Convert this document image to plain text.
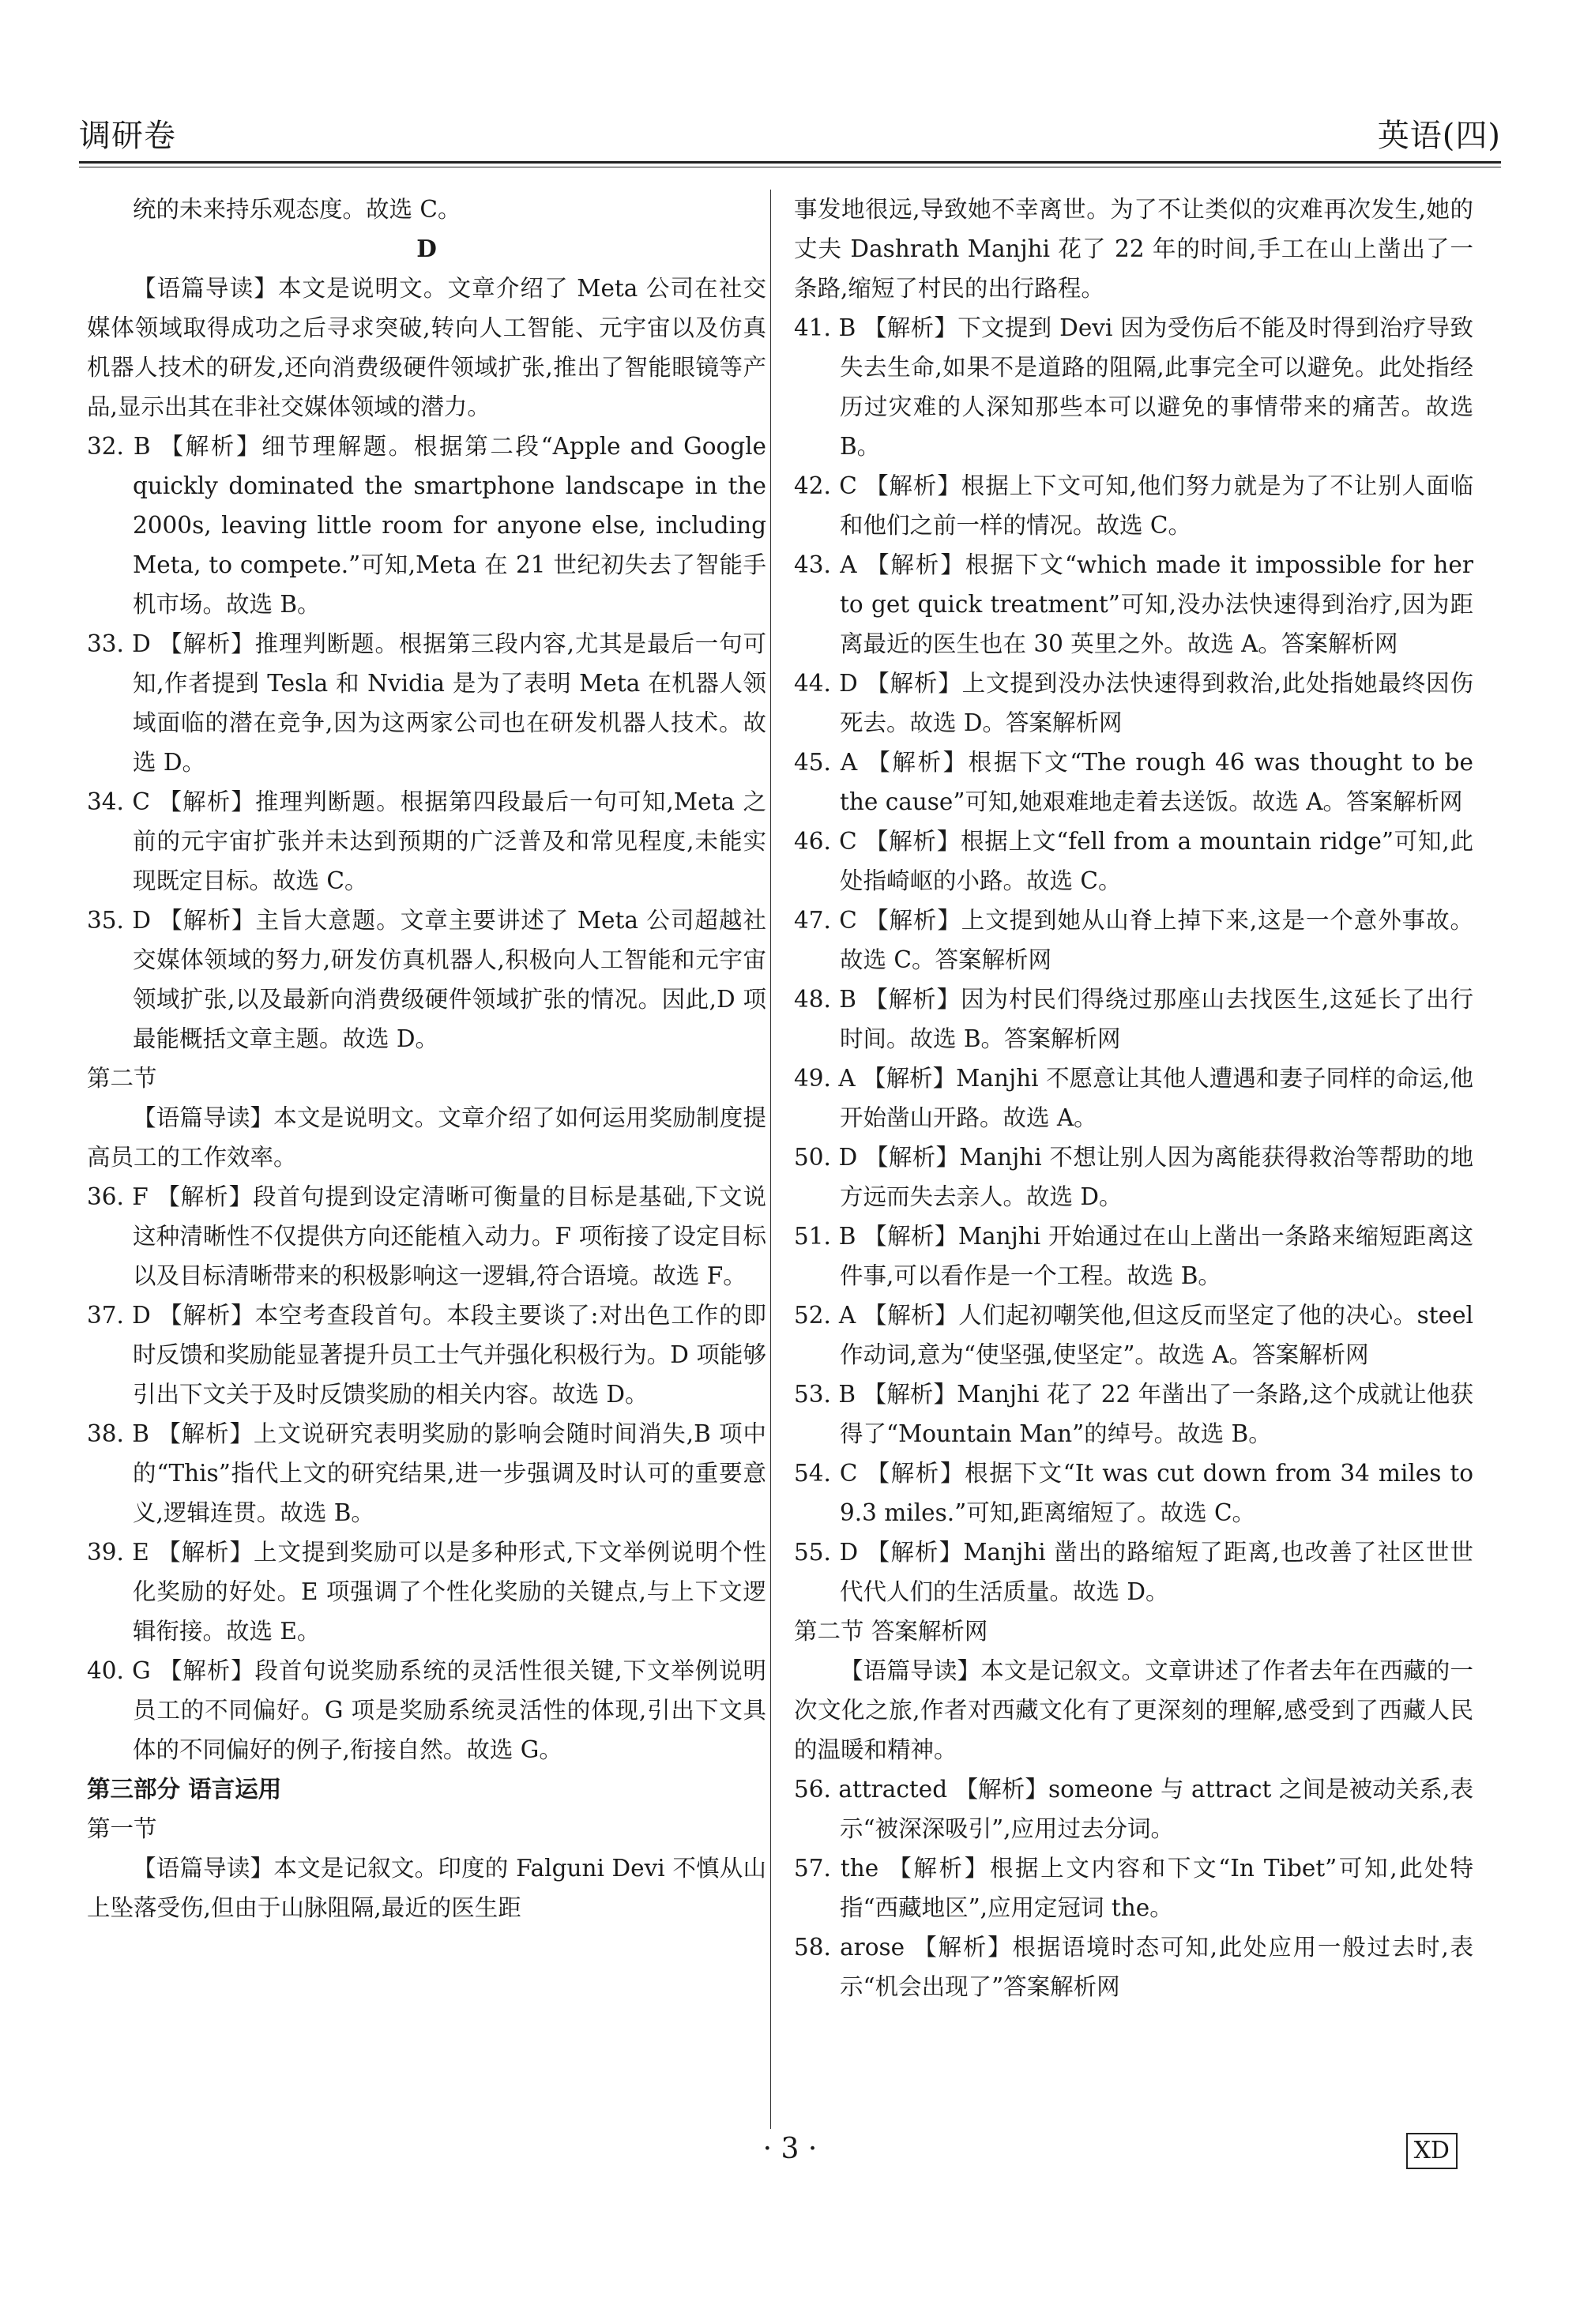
调研卷	英语(四)

统的未来持乐观态度。故选 C。

D

【语篇导读】本文是说明文。文章介绍了 Meta 公司在社交媒体领域取得成功之后寻求突破,转向人工智能、元宇宙以及仿真机器人技术的研发,还向消费级硬件领域扩张,推出了智能眼镜等产品,显示出其在非社交媒体领域的潜力。

32. B 【解析】细节理解题。根据第二段“Apple and Google quickly dominated the smartphone landscape in the 2000s, leaving little room for anyone else, including Meta, to compete.”可知,Meta 在 21 世纪初失去了智能手机市场。故选 B。

33. D 【解析】推理判断题。根据第三段内容,尤其是最后一句可知,作者提到 Tesla 和 Nvidia 是为了表明 Meta 在机器人领域面临的潜在竞争,因为这两家公司也在研发机器人技术。故选 D。

34. C 【解析】推理判断题。根据第四段最后一句可知,Meta 之前的元宇宙扩张并未达到预期的广泛普及和常见程度,未能实现既定目标。故选 C。

35. D 【解析】主旨大意题。文章主要讲述了 Meta 公司超越社交媒体领域的努力,研发仿真机器人,积极向人工智能和元宇宙领域扩张,以及最新向消费级硬件领域扩张的情况。因此,D 项最能概括文章主题。故选 D。

第二节

【语篇导读】本文是说明文。文章介绍了如何运用奖励制度提高员工的工作效率。

36. F 【解析】段首句提到设定清晰可衡量的目标是基础,下文说这种清晰性不仅提供方向还能植入动力。F 项衔接了设定目标以及目标清晰带来的积极影响这一逻辑,符合语境。故选 F。

37. D 【解析】本空考查段首句。本段主要谈了:对出色工作的即时反馈和奖励能显著提升员工士气并强化积极行为。D 项能够引出下文关于及时反馈奖励的相关内容。故选 D。

38. B 【解析】上文说研究表明奖励的影响会随时间消失,B 项中的“This”指代上文的研究结果,进一步强调及时认可的重要意义,逻辑连贯。故选 B。

39. E 【解析】上文提到奖励可以是多种形式,下文举例说明个性化奖励的好处。E 项强调了个性化奖励的关键点,与上下文逻辑衔接。故选 E。

40. G 【解析】段首句说奖励系统的灵活性很关键,下文举例说明员工的不同偏好。G 项是奖励系统灵活性的体现,引出下文具体的不同偏好的例子,衔接自然。故选 G。

第三部分 语言运用

第一节

【语篇导读】本文是记叙文。印度的 Falguni Devi 不慎从山上坠落受伤,但由于山脉阻隔,最近的医生距

事发地很远,导致她不幸离世。为了不让类似的灾难再次发生,她的丈夫 Dashrath Manjhi 花了 22 年的时间,手工在山上凿出了一条路,缩短了村民的出行路程。

41. B 【解析】下文提到 Devi 因为受伤后不能及时得到治疗导致失去生命,如果不是道路的阻隔,此事完全可以避免。此处指经历过灾难的人深知那些本可以避免的事情带来的痛苦。故选 B。

42. C 【解析】根据上下文可知,他们努力就是为了不让别人面临和他们之前一样的情况。故选 C。

43. A 【解析】根据下文“which made it impossible for her to get quick treatment”可知,没办法快速得到治疗,因为距离最近的医生也在 30 英里之外。故选 A。答案解析网

44. D 【解析】上文提到没办法快速得到救治,此处指她最终因伤死去。故选 D。答案解析网

45. A 【解析】根据下文“The rough 46 was thought to be the cause”可知,她艰难地走着去送饭。故选 A。答案解析网

46. C 【解析】根据上文“fell from a mountain ridge”可知,此处指崎岖的小路。故选 C。

47. C 【解析】上文提到她从山脊上掉下来,这是一个意外事故。故选 C。答案解析网

48. B 【解析】因为村民们得绕过那座山去找医生,这延长了出行时间。故选 B。答案解析网

49. A 【解析】Manjhi 不愿意让其他人遭遇和妻子同样的命运,他开始凿山开路。故选 A。

50. D 【解析】Manjhi 不想让别人因为离能获得救治等帮助的地方远而失去亲人。故选 D。

51. B 【解析】Manjhi 开始通过在山上凿出一条路来缩短距离这件事,可以看作是一个工程。故选 B。

52. A 【解析】人们起初嘲笑他,但这反而坚定了他的决心。steel 作动词,意为“使坚强,使坚定”。故选 A。答案解析网

53. B 【解析】Manjhi 花了 22 年凿出了一条路,这个成就让他获得了“Mountain Man”的绰号。故选 B。

54. C 【解析】根据下文“It was cut down from 34 miles to 9.3 miles.”可知,距离缩短了。故选 C。

55. D 【解析】Manjhi 凿出的路缩短了距离,也改善了社区世世代代人们的生活质量。故选 D。

第二节 答案解析网

【语篇导读】本文是记叙文。文章讲述了作者去年在西藏的一次文化之旅,作者对西藏文化有了更深刻的理解,感受到了西藏人民的温暖和精神。

56. attracted 【解析】someone 与 attract 之间是被动关系,表示“被深深吸引”,应用过去分词。

57. the 【解析】根据上文内容和下文“In Tibet”可知,此处特指“西藏地区”,应用定冠词 the。

58. arose 【解析】根据语境时态可知,此处应用一般过去时,表示“机会出现了”答案解析网

· 3 ·	XD
